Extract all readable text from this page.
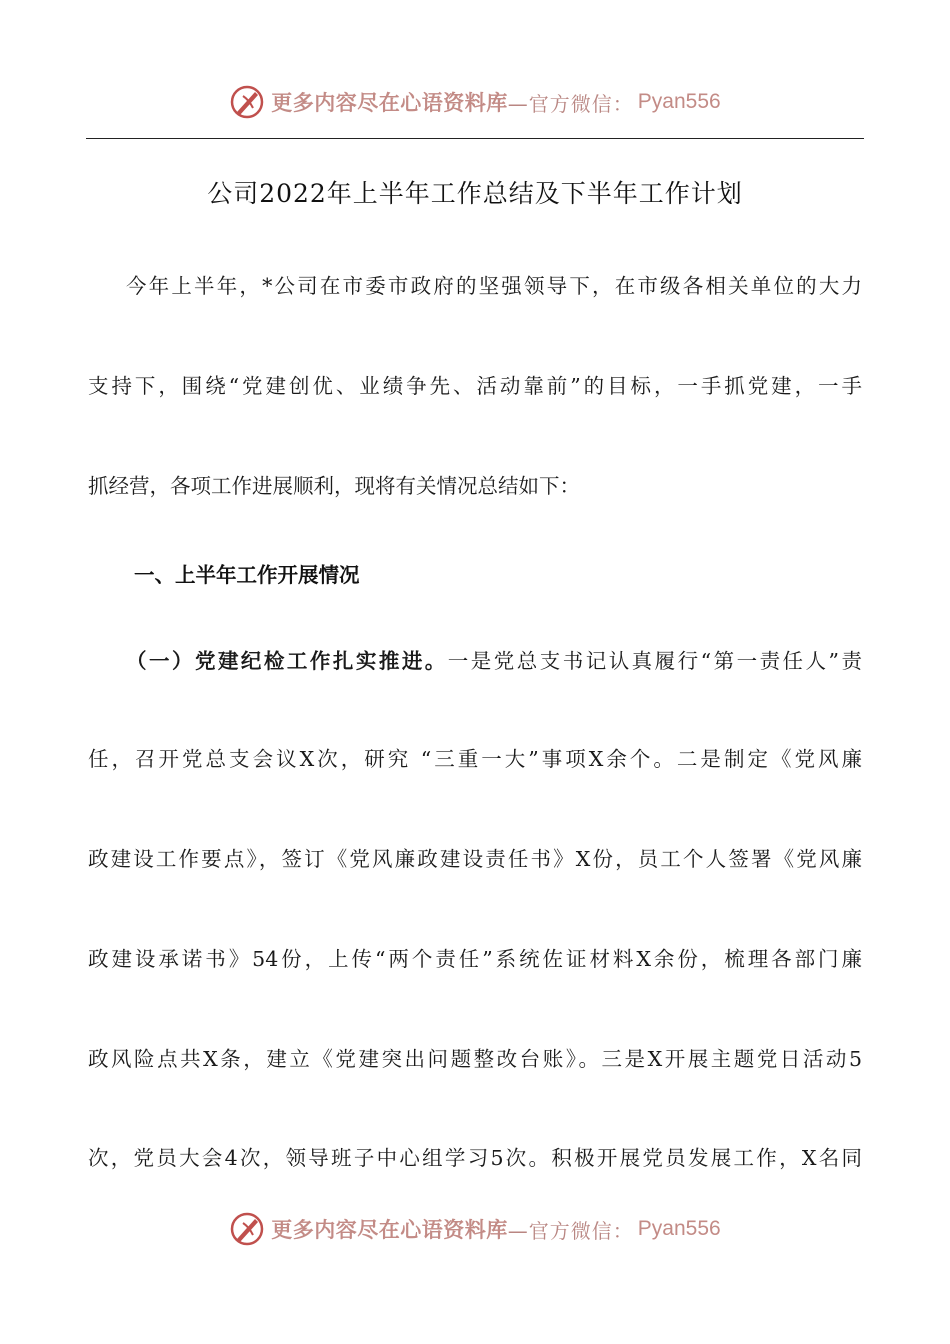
更多内容尽在心语资料库 —官方微信： Pyan556
公司2022年上半年工作总结及下半年工作计划
今年上半年，*公司在市委市政府的坚强领导下，在市级各相关单位的大力
支持下，围绕“党建创优、业绩争先、活动靠前”的目标，一手抓党建，一手
抓经营，各项工作进展顺利，现将有关情况总结如下：
一、上半年工作开展情况
（一）党建纪检工作扎实推进。一是党总支书记认真履行“第一责任人”责
任，召开党总支会议X次，研究 “三重一大”事项X余个。二是制定《党风廉
政建设工作要点》，签订《党风廉政建设责任书》X份，员工个人签署《党风廉
政建设承诺书》54份，上传“两个责任”系统佐证材料X余份，梳理各部门廉
政风险点共X条，建立《党建突出问题整改台账》。三是X开展主题党日活动5
次，党员大会4次，领导班子中心组学习5次。积极开展党员发展工作，X名同
更多内容尽在心语资料库 —官方微信： Pyan556
